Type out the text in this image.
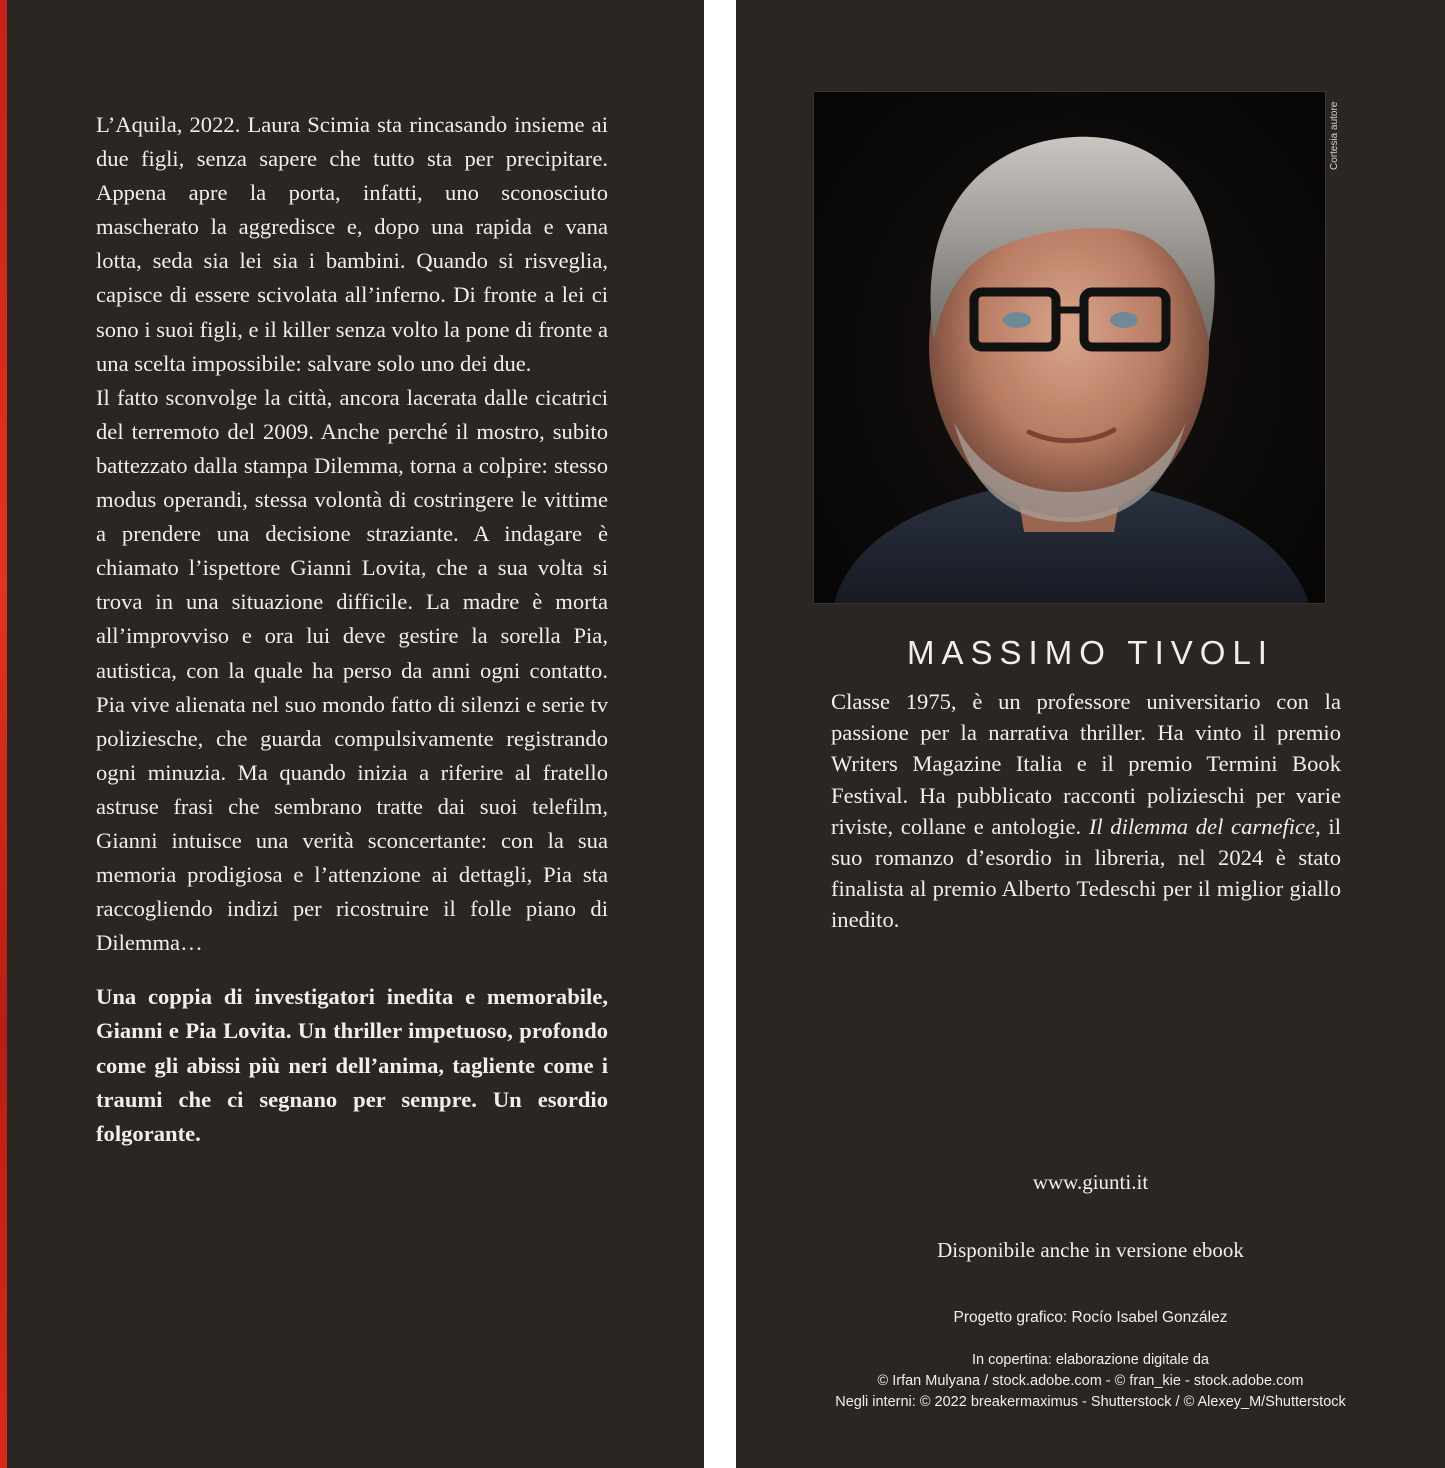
L’Aquila, 2022. Laura Scimia sta rincasando insieme ai due figli, senza sapere che tutto sta per precipitare. Appena apre la porta, infatti, uno sconosciuto mascherato la aggredisce e, dopo una rapida e vana lotta, seda sia lei sia i bambini. Quando si risveglia, capisce di essere scivolata all’inferno. Di fronte a lei ci sono i suoi figli, e il killer senza volto la pone di fronte a una scelta impossibile: salvare solo uno dei due.

Il fatto sconvolge la città, ancora lacerata dalle cicatrici del terremoto del 2009. Anche perché il mostro, subito battezzato dalla stampa Dilemma, torna a colpire: stesso modus operandi, stessa volontà di costringere le vittime a prendere una decisione straziante. A indagare è chiamato l’ispettore Gianni Lovita, che a sua volta si trova in una situazione difficile. La madre è morta all’improvviso e ora lui deve gestire la sorella Pia, autistica, con la quale ha perso da anni ogni contatto. Pia vive alienata nel suo mondo fatto di silenzi e serie tv poliziesche, che guarda compulsivamente registrando ogni minuzia. Ma quando inizia a riferire al fratello astruse frasi che sembrano tratte dai suoi telefilm, Gianni intuisce una verità sconcertante: con la sua memoria prodigiosa e l’attenzione ai dettagli, Pia sta raccogliendo indizi per ricostruire il folle piano di Dilemma…

Una coppia di investigatori inedita e memorabile, Gianni e Pia Lovita. Un thriller impetuoso, profondo come gli abissi più neri dell’anima, tagliente come i traumi che ci segnano per sempre. Un esordio folgorante.

Cortesia autore
MASSIMO TIVOLI

Classe 1975, è un professore universitario con la passione per la narrativa thriller. Ha vinto il premio Writers Magazine Italia e il premio Termini Book Festival. Ha pubblicato racconti polizieschi per varie riviste, collane e antologie. Il dilemma del carnefice, il suo romanzo d’esordio in libreria, nel 2024 è stato finalista al premio Alberto Tedeschi per il miglior giallo inedito.

www.giunti.it
Disponibile anche in versione ebook
Progetto grafico: Rocío Isabel González
In copertina: elaborazione digitale da
© Irfan Mulyana / stock.adobe.com - © fran_kie - stock.adobe.com
Negli interni: © 2022 breakermaximus - Shutterstock / © Alexey_M/Shutterstock
